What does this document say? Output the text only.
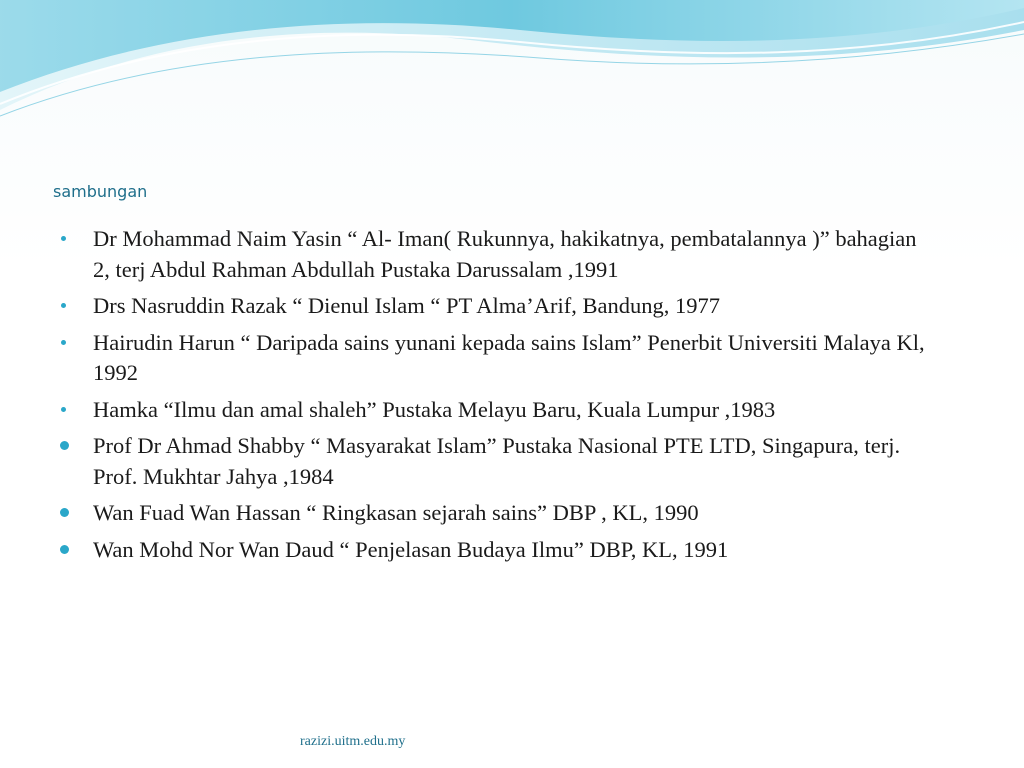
sambungan
Dr Mohammad Naim Yasin “ Al- Iman( Rukunnya, hakikatnya, pembatalannya )” bahagian 2, terj Abdul Rahman Abdullah Pustaka Darussalam ,1991
Drs Nasruddin Razak “ Dienul Islam “ PT Alma’Arif, Bandung, 1977
Hairudin Harun “ Daripada sains yunani kepada sains Islam” Penerbit Universiti Malaya Kl, 1992
Hamka “Ilmu dan amal shaleh” Pustaka Melayu Baru, Kuala Lumpur ,1983
Prof Dr Ahmad Shabby “ Masyarakat Islam” Pustaka Nasional PTE LTD, Singapura, terj. Prof. Mukhtar Jahya ,1984
Wan Fuad Wan Hassan “ Ringkasan sejarah sains” DBP , KL, 1990
Wan Mohd Nor Wan Daud “ Penjelasan Budaya Ilmu” DBP, KL, 1991
razizi.uitm.edu.my
